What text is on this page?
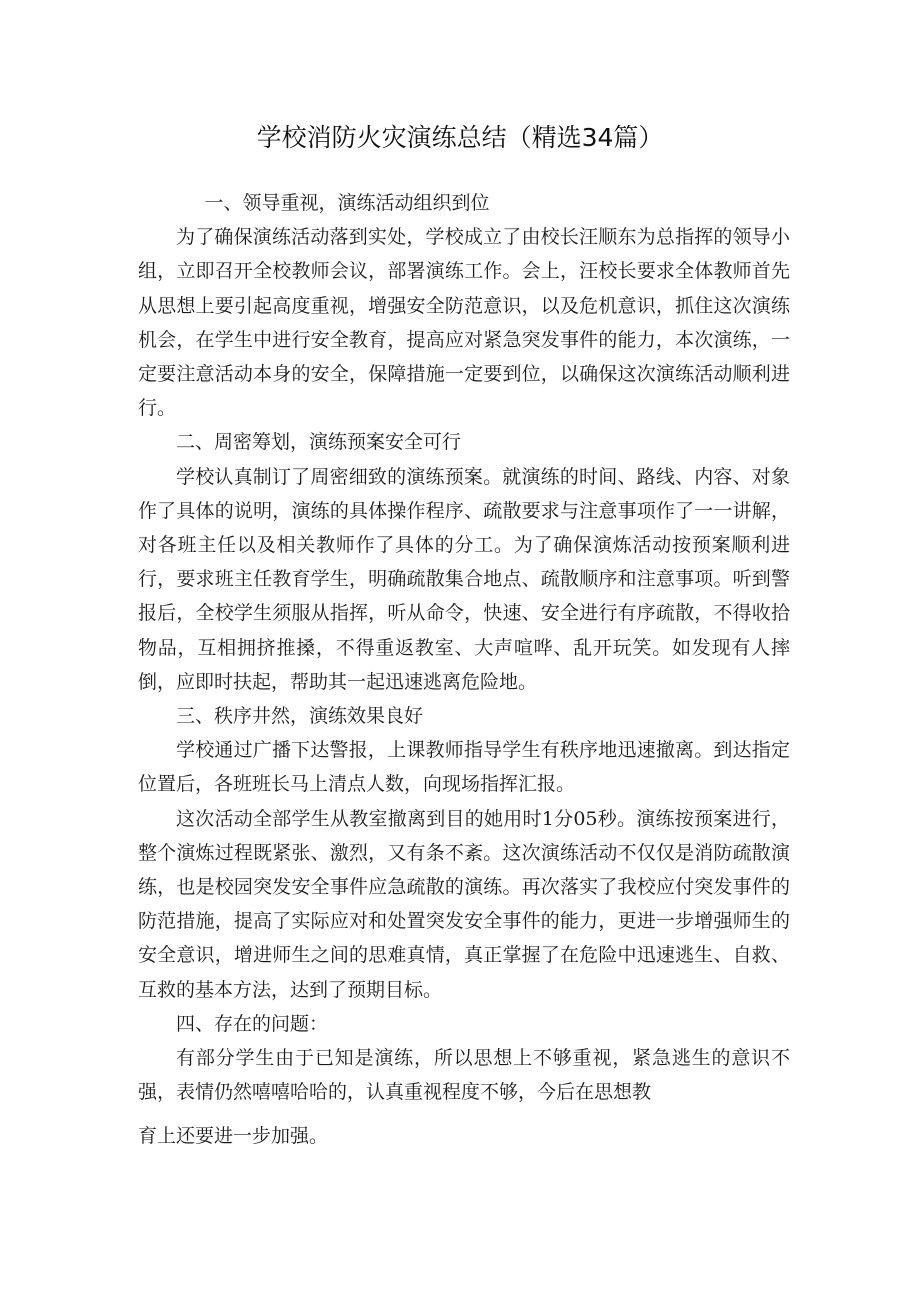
学校消防火灾演练总结（精选34篇）

一、领导重视，演练活动组织到位

为了确保演练活动落到实处，学校成立了由校长汪顺东为总指挥的领导小组，立即召开全校教师会议，部署演练工作。会上，汪校长要求全体教师首先从思想上要引起高度重视，增强安全防范意识，以及危机意识，抓住这次演练机会，在学生中进行安全教育，提高应对紧急突发事件的能力，本次演练，一定要注意活动本身的安全，保障措施一定要到位，以确保这次演练活动顺利进行。

二、周密筹划，演练预案安全可行

学校认真制订了周密细致的演练预案。就演练的时间、路线、内容、对象作了具体的说明，演练的具体操作程序、疏散要求与注意事项作了一一讲解，对各班主任以及相关教师作了具体的分工。为了确保演炼活动按预案顺利进行，要求班主任教育学生，明确疏散集合地点、疏散顺序和注意事项。听到警报后，全校学生须服从指挥，听从命令，快速、安全进行有序疏散，不得收拾物品，互相拥挤推搡，不得重返教室、大声喧哗、乱开玩笑。如发现有人摔倒，应即时扶起，帮助其一起迅速逃离危险地。

三、秩序井然，演练效果良好

学校通过广播下达警报，上课教师指导学生有秩序地迅速撤离。到达指定位置后，各班班长马上清点人数，向现场指挥汇报。

这次活动全部学生从教室撤离到目的她用时1分05秒。演练按预案进行，整个演炼过程既紧张、激烈，又有条不紊。这次演练活动不仅仅是消防疏散演练，也是校园突发安全事件应急疏散的演练。再次落实了我校应付突发事件的防范措施，提高了实际应对和处置突发安全事件的能力，更进一步增强师生的安全意识，增进师生之间的思难真情，真正掌握了在危险中迅速逃生、自救、互救的基本方法，达到了预期目标。

四、存在的问题：

有部分学生由于已知是演练，所以思想上不够重视，紧急逃生的意识不强，表情仍然嘻嘻哈哈的，认真重视程度不够，今后在思想教

育上还要进一步加强。
